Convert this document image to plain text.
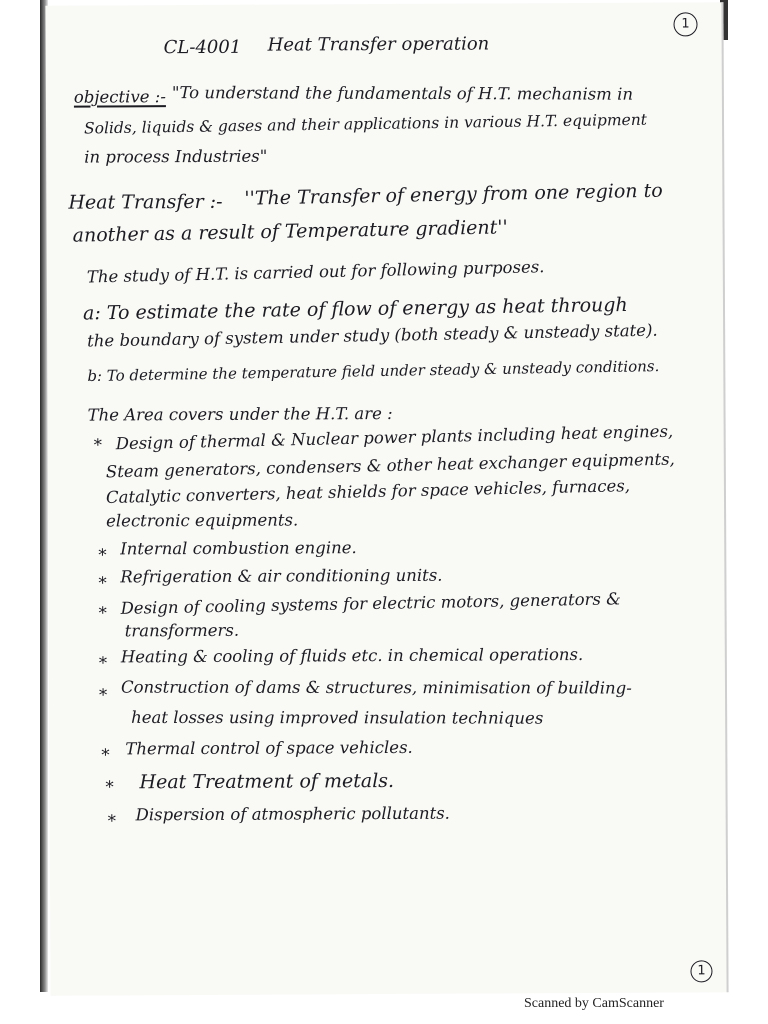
1
CL-4001 Heat Transfer operation
objective :- "To understand the fundamentals of H.T. mechanism in
Solids, liquids & gases and their applications in various H.T. equipment
in process Industries"
Heat Transfer :- ''The Transfer of energy from one region to
another as a result of Temperature gradient''
The study of H.T. is carried out for following purposes.
a: To estimate the rate of flow of energy as heat through
the boundary of system under study (both steady & unsteady state).
b: To determine the temperature field under steady & unsteady conditions.
The Area covers under the H.T. are :
* Design of thermal & Nuclear power plants including heat engines,
Steam generators, condensers & other heat exchanger equipments,
Catalytic converters, heat shields for space vehicles, furnaces,
electronic equipments.
* Internal combustion engine.
* Refrigeration & air conditioning units.
* Design of cooling systems for electric motors, generators &
transformers.
* Heating & cooling of fluids etc. in chemical operations.
* Construction of dams & structures, minimisation of building-
heat losses using improved insulation techniques
* Thermal control of space vehicles.
* Heat Treatment of metals.
* Dispersion of atmospheric pollutants.
1
Scanned by CamScanner
